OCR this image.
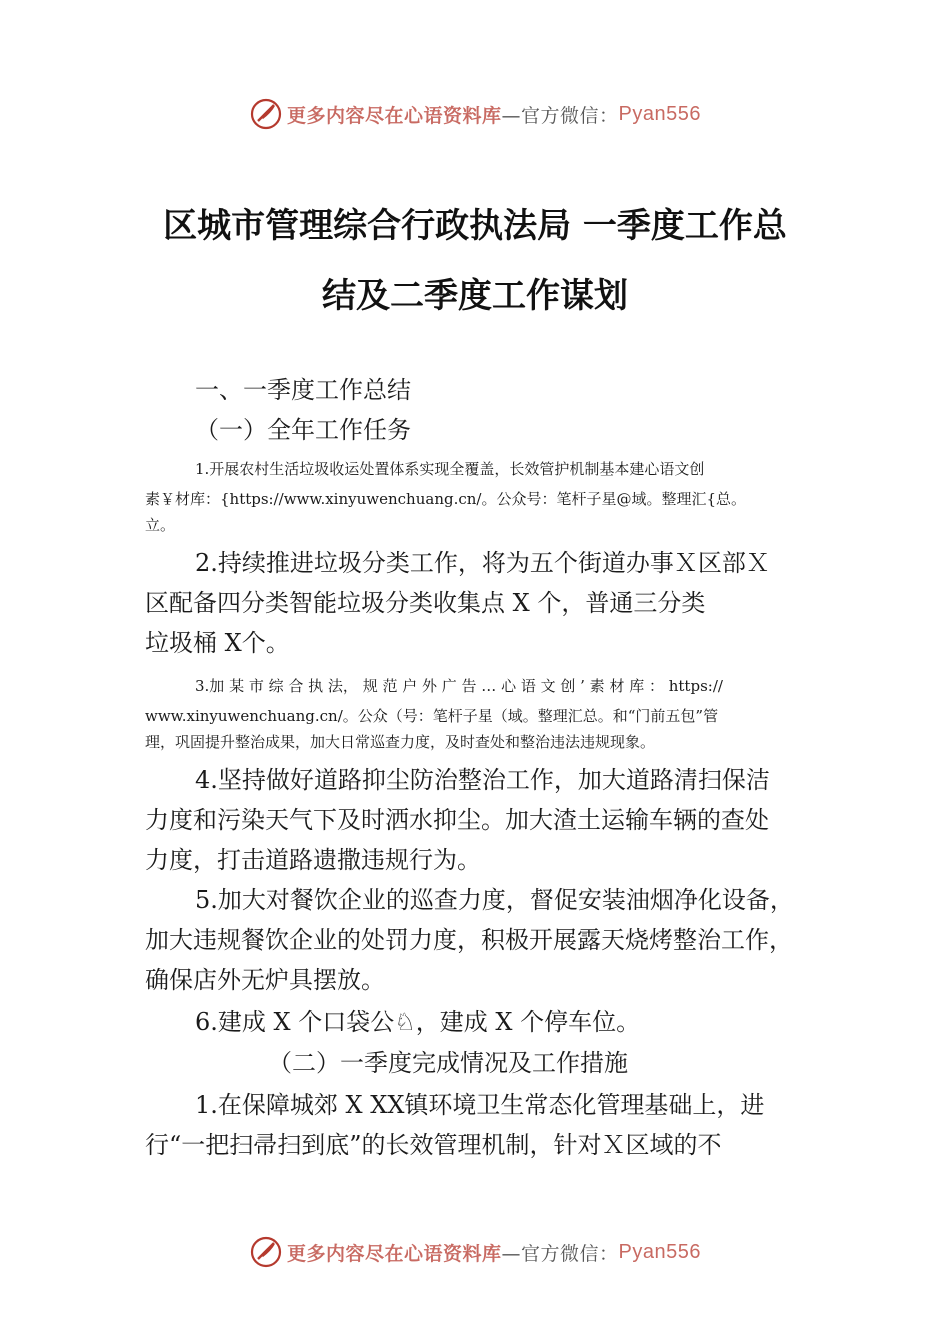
更多内容尽在心语资料库 —官方微信： Pyan556
区城市管理综合行政执法局 一季度工作总
结及二季度工作谋划
一、一季度工作总结
（一）全年工作任务
1.开展农村生活垃圾收运处置体系实现全覆盖，长效管护机制基本建心语文创
素￥材库：{https://www.xinyuwenchuang.cn/。公众号：笔杆子星@域。整理汇{总。
立。
2.持续推进垃圾分类工作，将为五个街道办事Ｘ区部Ｘ
区配备四分类智能垃圾分类收集点 X 个，普通三分类
垃圾桶 X个。
3.加 某 市 综 合 执 法， 规 范 户 外 广 告 … 心 语 文 创 ’ 素 材 库 ： https://
www.xinyuwenchuang.cn/。公众（号：笔杆子星（域。整理汇总。和“门前五包”管
理，巩固提升整治成果，加大日常巡查力度，及时查处和整治违法违规现象。
4.坚持做好道路抑尘防治整治工作，加大道路清扫保洁
力度和污染天气下及时洒水抑尘。加大渣土运输车辆的查处
力度，打击道路遗撒违规行为。
5.加大对餐饮企业的巡查力度，督促安装油烟净化设备，
加大违规餐饮企业的处罚力度，积极开展露天烧烤整治工作，
确保店外无炉具摆放。
6.建成 X 个口袋公♘，建成 X 个停车位。
（二）一季度完成情况及工作措施
1.在保障城郊 X XX镇环境卫生常态化管理基础上，进
行“一把扫帚扫到底”的长效管理机制，针对Ｘ区域的不
更多内容尽在心语资料库 —官方微信： Pyan556
